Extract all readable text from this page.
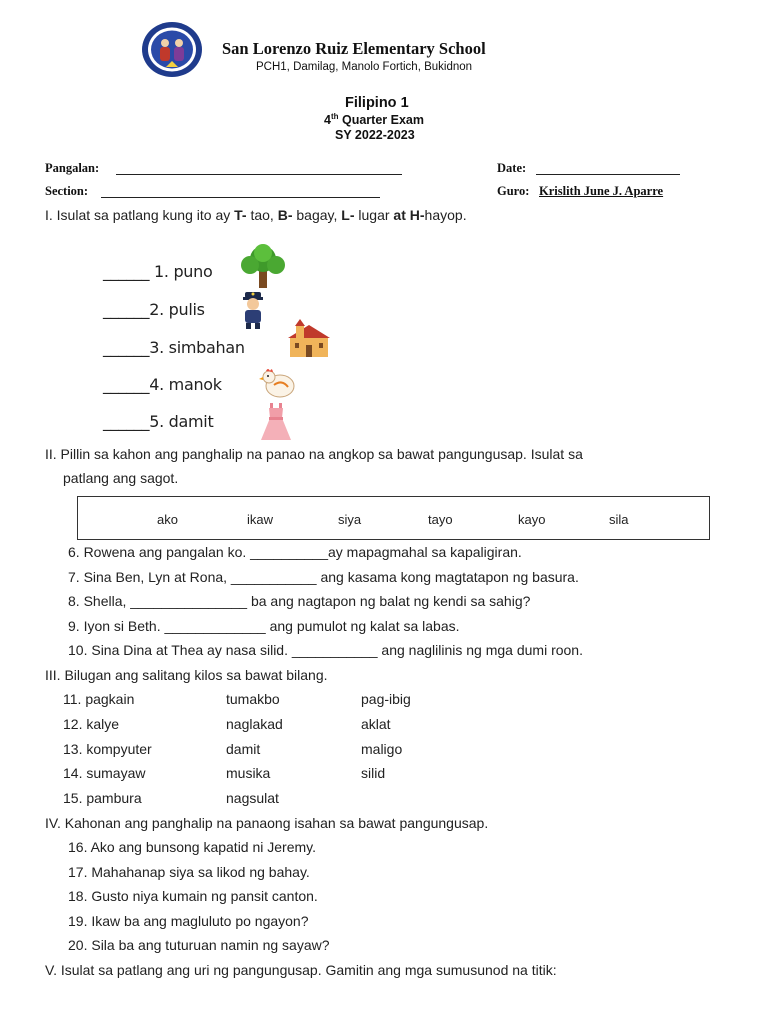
San Lorenzo Ruiz Elementary School
PCH1, Damilag, Manolo Fortich, Bukidnon
Filipino 1
4th Quarter Exam
SY 2022-2023
Pangalan:	Date:
Section:	Guro: Krislith June J. Aparre
I. Isulat sa patlang kung ito ay T- tao, B- bagay, L- lugar at H-hayop.
______ 1. puno
______2. pulis
______3. simbahan
______4. manok
______5. damit
II. Pillin sa kahon ang panghalip na panao na angkop sa bawat pangungusap. Isulat sa
patlang ang sagot.
ako	ikaw	siya	tayo	kayo	sila
6. Rowena ang pangalan ko. __________ay mapagmahal sa kapaligiran.
7. Sina Ben, Lyn at Rona, ___________ ang kasama kong magtatapon ng basura.
8. Shella, _______________ ba ang nagtapon ng balat ng kendi sa sahig?
9. Iyon si Beth. _____________ ang pumulot ng kalat sa labas.
10. Sina Dina at Thea ay nasa silid. ___________ ang naglilinis ng mga dumi roon.
III. Bilugan ang salitang kilos sa bawat bilang.
11. pagkain	tumakbo	pag-ibig
12. kalye	naglakad	aklat
13. kompyuter	damit	maligo
14. sumayaw	musika	silid
15. pambura	nagsulat
IV. Kahonan ang panghalip na panaong isahan sa bawat pangungusap.
16. Ako ang bunsong kapatid ni Jeremy.
17. Mahahanap siya sa likod ng bahay.
18. Gusto niya kumain ng pansit canton.
19. Ikaw ba ang magluluto po ngayon?
20. Sila ba ang tuturuan namin ng sayaw?
V. Isulat sa patlang ang uri ng pangungusap. Gamitin ang mga sumusunod na titik:
